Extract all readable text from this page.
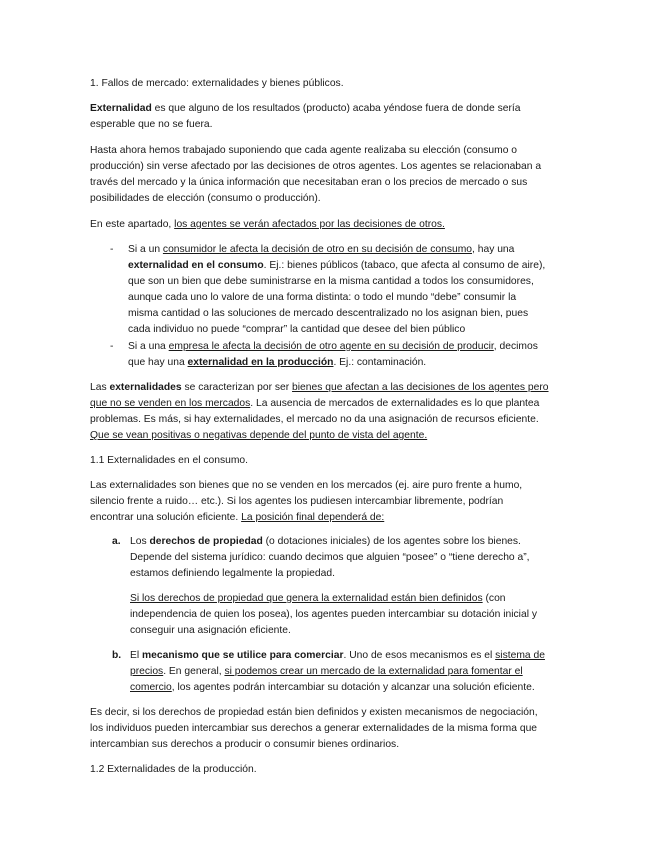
1. Fallos de mercado: externalidades y bienes públicos.
Externalidad es que alguno de los resultados (producto) acaba yéndose fuera de donde sería
esperable que no se fuera.
Hasta ahora hemos trabajado suponiendo que cada agente realizaba su elección (consumo o
producción) sin verse afectado por las decisiones de otros agentes. Los agentes se relacionaban a
través del mercado y la única información que necesitaban eran o los precios de mercado o sus
posibilidades de elección (consumo o producción).
En este apartado, los agentes se verán afectados por las decisiones de otros.
- Si a un consumidor le afecta la decisión de otro en su decisión de consumo, hay una
externalidad en el consumo. Ej.: bienes públicos (tabaco, que afecta al consumo de aire),
que son un bien que debe suministrarse en la misma cantidad a todos los consumidores,
aunque cada uno lo valore de una forma distinta: o todo el mundo “debe” consumir la
misma cantidad o las soluciones de mercado descentralizado no los asignan bien, pues
cada individuo no puede “comprar” la cantidad que desee del bien público
- Si a una empresa le afecta la decisión de otro agente en su decisión de producir, decimos
que hay una externalidad en la producción. Ej.: contaminación.
Las externalidades se caracterizan por ser bienes que afectan a las decisiones de los agentes pero
que no se venden en los mercados. La ausencia de mercados de externalidades es lo que plantea
problemas. Es más, si hay externalidades, el mercado no da una asignación de recursos eficiente.
Que se vean positivas o negativas depende del punto de vista del agente.
1.1 Externalidades en el consumo.
Las externalidades son bienes que no se venden en los mercados (ej. aire puro frente a humo,
silencio frente a ruido… etc.). Si los agentes los pudiesen intercambiar libremente, podrían
encontrar una solución eficiente. La posición final dependerá de:
a. Los derechos de propiedad (o dotaciones iniciales) de los agentes sobre los bienes.
Depende del sistema jurídico: cuando decimos que alguien “posee” o “tiene derecho a”,
estamos definiendo legalmente la propiedad.
Si los derechos de propiedad que genera la externalidad están bien definidos (con
independencia de quien los posea), los agentes pueden intercambiar su dotación inicial y
conseguir una asignación eficiente.
b. El mecanismo que se utilice para comerciar. Uno de esos mecanismos es el sistema de
precios. En general, si podemos crear un mercado de la externalidad para fomentar el
comercio, los agentes podrán intercambiar su dotación y alcanzar una solución eficiente.
Es decir, si los derechos de propiedad están bien definidos y existen mecanismos de negociación,
los individuos pueden intercambiar sus derechos a generar externalidades de la misma forma que
intercambian sus derechos a producir o consumir bienes ordinarios.
1.2 Externalidades de la producción.
